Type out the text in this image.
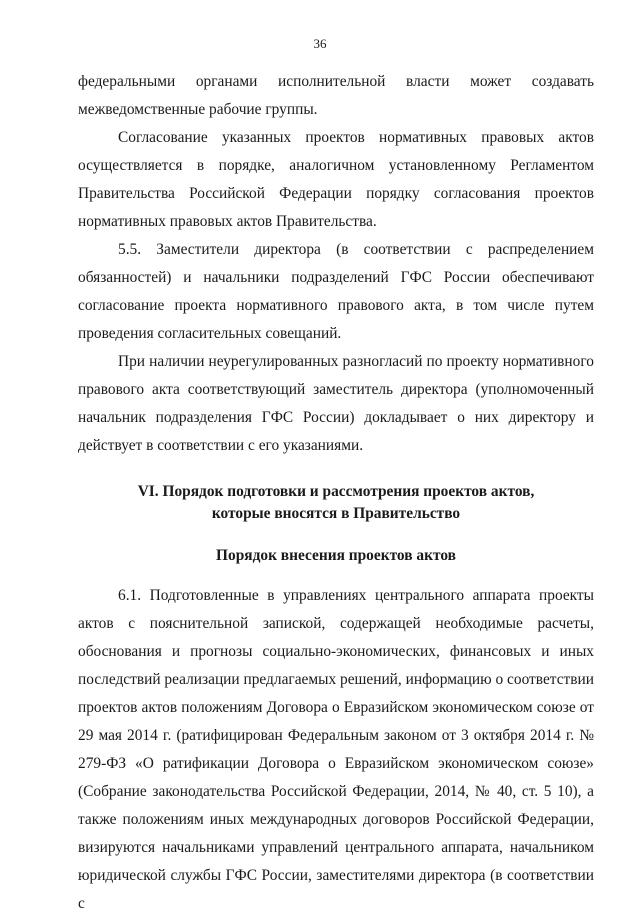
36

федеральными органами исполнительной власти может создавать межведомственные рабочие группы.

Согласование указанных проектов нормативных правовых актов осуществляется в порядке, аналогичном установленному Регламентом Правительства Российской Федерации порядку согласования проектов нормативных правовых актов Правительства.

5.5. Заместители директора (в соответствии с распределением обязанностей) и начальники подразделений ГФС России обеспечивают согласование проекта нормативного правового акта, в том числе путем проведения согласительных совещаний.

При наличии неурегулированных разногласий по проекту нормативного правового акта соответствующий заместитель директора (уполномоченный начальник подразделения ГФС России) докладывает о них директору и действует в соответствии с его указаниями.

VI. Порядок подготовки и рассмотрения проектов актов,
которые вносятся в Правительство
Порядок внесения проектов актов

6.1. Подготовленные в управлениях центрального аппарата проекты актов с пояснительной запиской, содержащей необходимые расчеты, обоснования и прогнозы социально-экономических, финансовых и иных последствий реализации предлагаемых решений, информацию о соответствии проектов актов положениям Договора о Евразийском экономическом союзе от 29 мая 2014 г. (ратифицирован Федеральным законом от 3 октября 2014 г. № 279-ФЗ «О ратификации Договора о Евразийском экономическом союзе» (Собрание законодательства Российской Федерации, 2014, № 40, ст. 5 10), а также положениям иных международных договоров Российской Федерации, визируются начальниками управлений центрального аппарата, начальником юридической службы ГФС России, заместителями директора (в соответствии с
